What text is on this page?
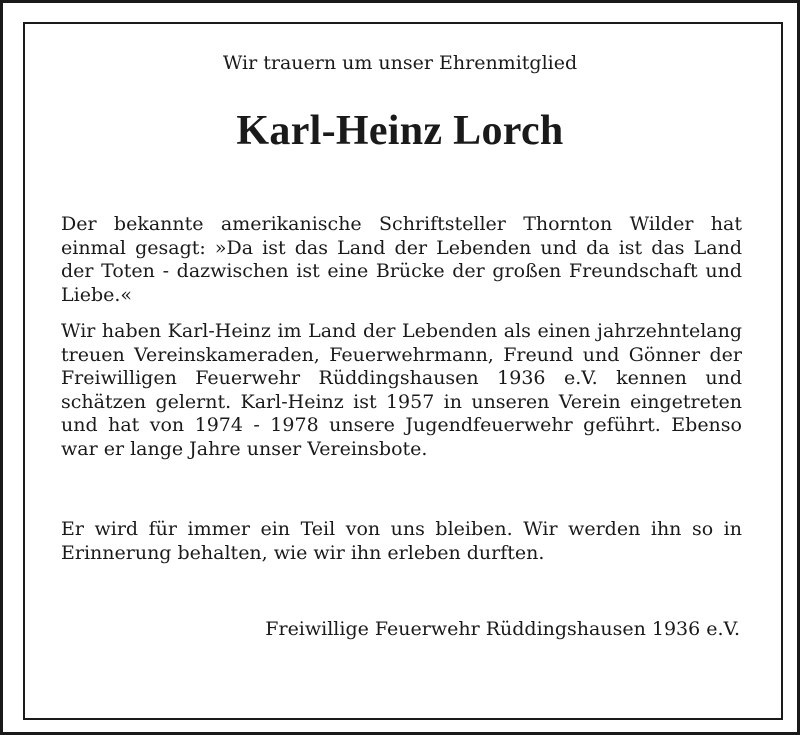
Wir trauern um unser Ehrenmitglied
Karl-Heinz Lorch

Der bekannte amerikanische Schriftsteller Thornton Wilder hat einmal gesagt: »Da ist das Land der Lebenden und da ist das Land der Toten - dazwischen ist eine Brücke der großen Freundschaft und Liebe.«

Wir haben Karl-Heinz im Land der Lebenden als einen jahrzehntelang treuen Vereinskameraden, Feuerwehrmann, Freund und Gönner der Freiwilligen Feuerwehr Rüddingshausen 1936 e.V. kennen und schätzen gelernt. Karl-Heinz ist 1957 in unseren Verein eingetreten und hat von 1974 - 1978 unsere Jugendfeuerwehr geführt. Ebenso war er lange Jahre unser Vereinsbote.

Er wird für immer ein Teil von uns bleiben. Wir werden ihn so in Erinnerung behalten, wie wir ihn erleben durften.

Freiwillige Feuerwehr Rüddingshausen 1936 e.V.
